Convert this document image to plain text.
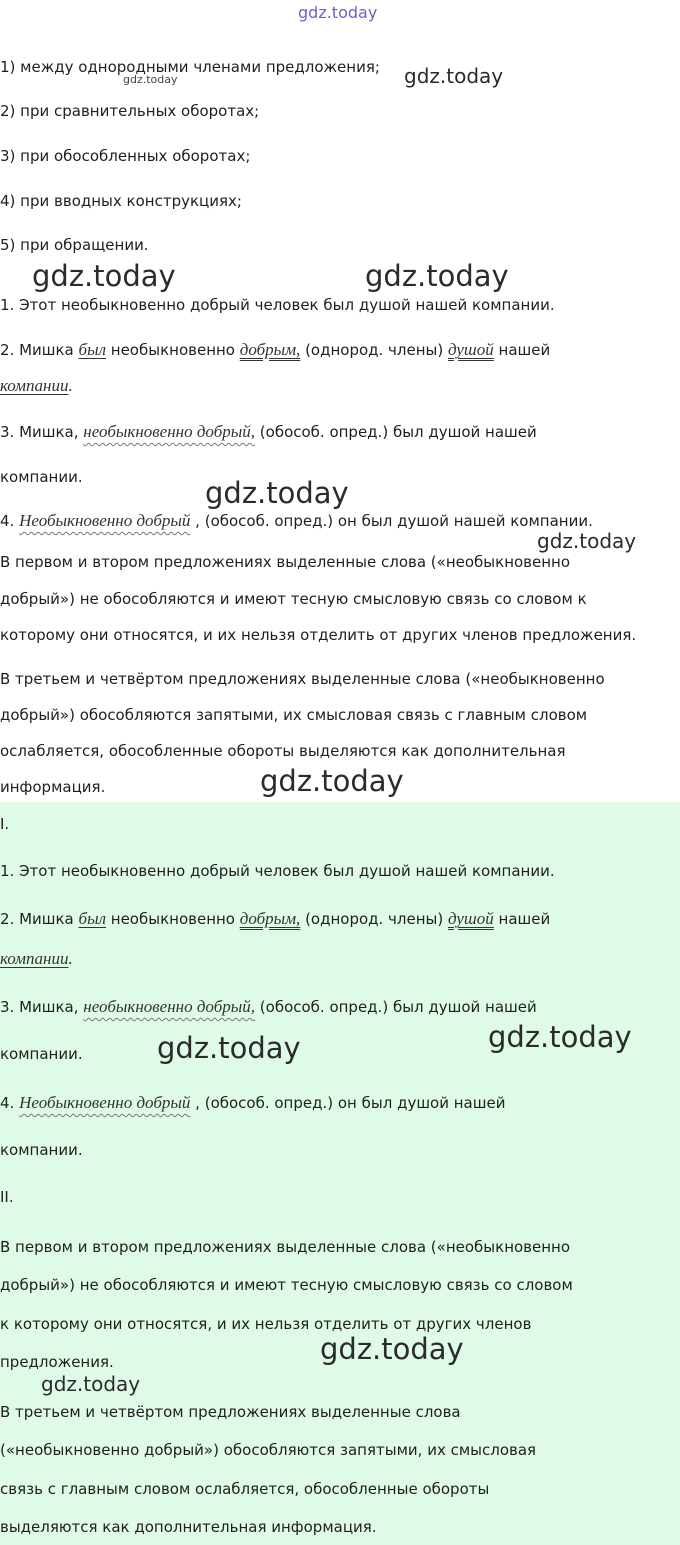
1) между однородными членами предложения;
2) при сравнительных оборотах;
3) при обособленных оборотах;
4) при вводных конструкциях;
5) при обращении.
1. Этот необыкновенно добрый человек был душой нашей компании.
2. Мишка был необыкновенно добрым, (однород. члены) душой нашей
компании.
3. Мишка, необыкновенно добрый, (обособ. опред.) был душой нашей
компании.
4. Необыкновенно добрый , (обособ. опред.) он был душой нашей компании.
В первом и втором предложениях выделенные слова («необыкновенно
добрый») не обособляются и имеют тесную смысловую связь со словом к
которому они относятся, и их нельзя отделить от других членов предложения.
В третьем и четвёртом предложениях выделенные слова («необыкновенно
добрый») обособляются запятыми, их смысловая связь с главным словом
ослабляется, обособленные обороты выделяются как дополнительная
информация.
I.
1. Этот необыкновенно добрый человек был душой нашей компании.
2. Мишка был необыкновенно добрым, (однород. члены) душой нашей
компании.
3. Мишка, необыкновенно добрый, (обособ. опред.) был душой нашей
компании.
4. Необыкновенно добрый , (обособ. опред.) он был душой нашей
компании.
II.
В первом и втором предложениях выделенные слова («необыкновенно
добрый») не обособляются и имеют тесную смысловую связь со словом
к которому они относятся, и их нельзя отделить от других членов
предложения.
В третьем и четвёртом предложениях выделенные слова
(«необыкновенно добрый») обособляются запятыми, их смысловая
связь с главным словом ослабляется, обособленные обороты
выделяются как дополнительная информация.
gdz.today
gdz.today
gdz.today
gdz.today	gdz.today
gdz.today
gdz.today
gdz.today
gdz.today
gdz.today
gdz.today
gdz.today
